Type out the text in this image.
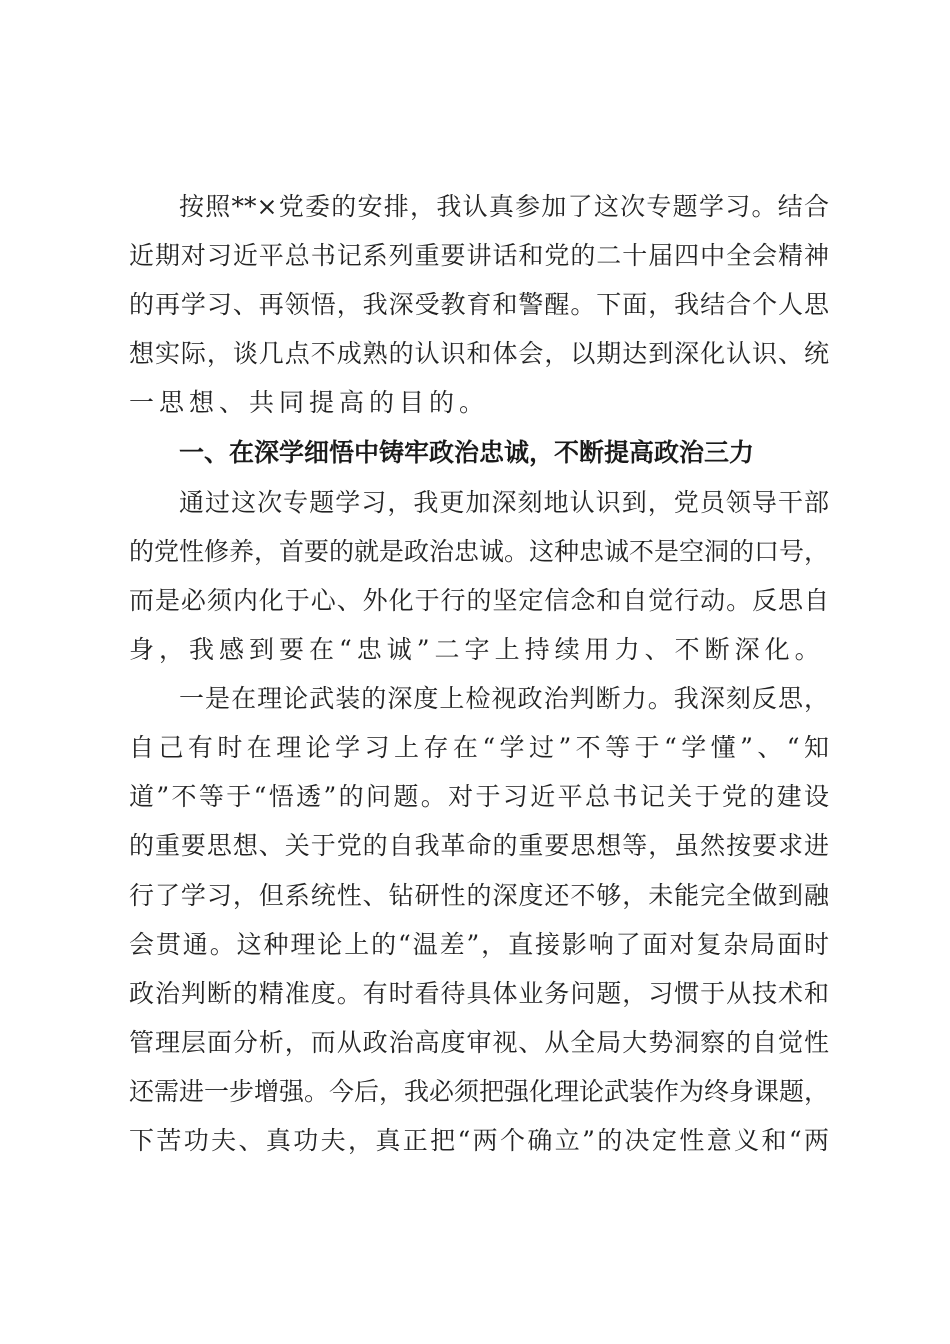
按照**×党委的安排，我认真参加了这次专题学习。结合
近期对习近平总书记系列重要讲话和党的二十届四中全会精神
的再学习、再领悟，我深受教育和警醒。下面，我结合个人思
想实际，谈几点不成熟的认识和体会，以期达到深化认识、统
一思想、共同提高的目的。
一、在深学细悟中铸牢政治忠诚，不断提高政治三力
通过这次专题学习，我更加深刻地认识到，党员领导干部
的党性修养，首要的就是政治忠诚。这种忠诚不是空洞的口号，
而是必须内化于心、外化于行的坚定信念和自觉行动。反思自
身，我感到要在“忠诚”二字上持续用力、不断深化。
一是在理论武装的深度上检视政治判断力。我深刻反思，
自己有时在理论学习上存在“学过”不等于“学懂”、“知
道”不等于“悟透”的问题。对于习近平总书记关于党的建设
的重要思想、关于党的自我革命的重要思想等，虽然按要求进
行了学习，但系统性、钻研性的深度还不够，未能完全做到融
会贯通。这种理论上的“温差”，直接影响了面对复杂局面时
政治判断的精准度。有时看待具体业务问题，习惯于从技术和
管理层面分析，而从政治高度审视、从全局大势洞察的自觉性
还需进一步增强。今后，我必须把强化理论武装作为终身课题，
下苦功夫、真功夫，真正把“两个确立”的决定性意义和“两
